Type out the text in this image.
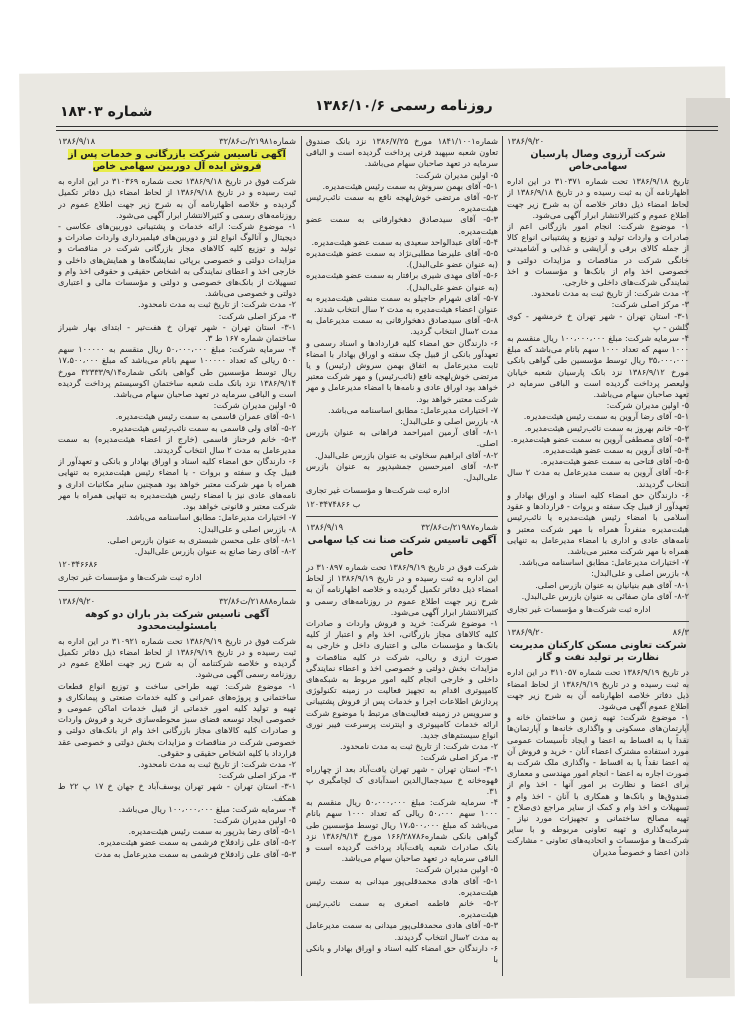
شماره ۱۸۳۰۳	روزنامه رسمی ۱۳۸۶/۱۰/۶
۱۳۸۶/۹/۲۰
شرکت آرزوی وصال پارسیان سهامی‌خاص

تاریخ ۱۳۸۶/۹/۱۸ تحت شماره ۳۱۰۳۷۱ در این اداره اظهارنامه آن به ثبت رسیده و در تاریخ ۱۳۸۶/۹/۱۸ از لحاظ امضاء ذیل دفاتر خلاصه آن به شرح زیر جهت اطلاع عموم و کثیرالانتشار ابرار آگهی می‌شود.

۱- موضوع شرکت: انجام امور بازرگانی اعم از صادرات و واردات تولید و توزیع و پشتیبانی انواع کالا از جمله کالای برقی و آرایشی و غذایی و آشامیدنی خانگی شرکت در مناقصات و مزایدات دولتی و خصوصی اخذ وام از بانک‌ها و مؤسسات و اخذ نمایندگی شرکت‌های داخلی و خارجی.

۲- مدت شرکت: از تاریخ ثبت به مدت نامحدود.

۳- مرکز اصلی شرکت:

۳-۱- استان تهران - شهر تهران خ خرمشهر - کوی گلشن - پ

۴- سرمایه شرکت: مبلغ ۱۰۰،۰۰۰،۰۰۰ ریال منقسم به ۱۰۰۰ سهم که تعداد ۱۰۰۰ سهم بانام می‌باشد که مبلغ ۳۵،۰۰۰،۰۰۰ ریال توسط مؤسسین طی گواهی بانکی مورخ ۱۳۸۶/۹/۱۲ نزد بانک پارسیان شعبه خیابان ولیعصر پرداخت گردیده است و الباقی سرمایه در تعهد صاحبان سهام می‌باشد.

۵- اولین مدیران شرکت:

۵-۱- آقای رضا آروین به سمت رئیس هیئت‌مدیره.

۵-۲- خانم بهروز به سمت نائب‌رئیس هیئت‌مدیره.

۵-۳- آقای مصطفی آروین به سمت عضو هیئت‌مدیره.

۵-۴- آقای آروین به سمت عضو هیئت‌مدیره.

۵-۵- آقای فتاحی به سمت عضو هیئت‌مدیره.

۵-۶- آقای آروین به سمت مدیرعامل به مدت ۲ سال انتخاب گردیدند.

۶- دارندگان حق امضاء کلیه اسناد و اوراق بهادار و تعهدآور از قبیل چک سفته و بروات - قراردادها و عقود اسلامی با امضاء رئیس هیئت‌مدیره یا نائب‌رئیس هیئت‌مدیره منفرداً همراه با مهر شرکت معتبر و نامه‌های عادی و اداری با امضاء مدیرعامل به تنهایی همراه با مهر شرکت معتبر می‌باشد.

۷- اختیارات مدیرعامل: مطابق اساسنامه می‌باشد.

۸- بازرس اصلی و علی‌البدل:

۸-۱- آقای هیم بنیانیان به عنوان بازرس اصلی.

۸-۲- آقای مان صفائی به عنوان بازرس علی‌البدل.

اداره ثبت شرکت‌ها و مؤسسات غیر تجاری
۸۶/۳
۱۳۸۶/۹/۲۰
شرکت تعاونی مسکن کارکنان مدیریت نظارت بر تولید نفت و گاز

در تاریخ ۱۳۸۶/۹/۱۹ تحت شماره ۳۱۱۰۵۷ در این اداره به ثبت رسیده و در تاریخ ۱۳۸۶/۹/۱۹ از لحاظ امضاء ذیل دفاتر خلاصه اظهارنامه آن به شرح زیر جهت اطلاع عموم آگهی می‌شود.

۱- موضوع شرکت: تهیه زمین و ساختمان خانه و آپارتمان‌های مسکونی و واگذاری خانه‌ها و آپارتمان‌ها نقداً یا به اقساط به اعضا و ایجاد تأسیسات عمومی مورد استفاده مشترک اعضاء آنان - خرید و فروش آن به اعضا نقداً یا به اقساط - واگذاری ملک شرکت به صورت اجاره به اعضا - انجام امور مهندسی و معماری برای اعضا و نظارت بر امور آنها - اخذ وام از صندوق‌ها و بانک‌ها و همکاری با آنان - اخذ وام و تسهیلات و اخذ وام و کمک از سایر مراجع ذی‌صلاح - تهیه مصالح ساختمانی و تجهیزات مورد نیاز - سرمایه‌گذاری و تهیه تعاونی مربوطه و با سایر شرکت‌ها و مؤسسات و اتحادیه‌های تعاونی - مشارکت دادن اعضا و خصوصاً مدیران

شماره۱۸۴۱/۱۰۰۱ مورخ ۱۳۸۶/۷/۲۵ نزد بانک صندوق تعاون شعبه سپهبد قرنی پرداخت گردیده است و الباقی سرمایه در تعهد صاحبان سهام می‌باشد.

۵- اولین مدیران شرکت:

۵-۱- آقای بهمن سروش به سمت رئیس هیئت‌مدیره.

۵-۲- آقای مرتضی خوش‌لهجه نافع به سمت نائب‌رئیس هیئت‌مدیره.

۵-۳- آقای سیدصادق دهخوارقانی به سمت عضو هیئت‌مدیره.

۵-۴- آقای عبدالواحد سعیدی به سمت عضو هیئت‌مدیره.

۵-۵- آقای علیرضا مطلبی‌نژاد به سمت عضو هیئت‌مدیره (به عنوان عضو علی‌البدل).

۵-۶- آقای مهدی شیری برافتار به سمت عضو هیئت‌مدیره (به عنوان عضو علی‌البدل).

۵-۷- آقای شهرام حاجیلو به سمت منشی هیئت‌مدیره به عنوان اعضاء هیئت‌مدیره به مدت ۲ سال انتخاب شدند.

۵-۸- آقای سیدصادق دهخوارقانی به سمت مدیرعامل به مدت ۲سال انتخاب گردید.

۶- دارندگان حق امضاء کلیه قراردادها و اسناد رسمی و تعهدآور بانکی از قبیل چک سفته و اوراق بهادار با امضاء ثابت مدیرعامل به اتفاق بهمن سروش (رئیس) و یا مرتضی خوش‌لهجه نافع (نائب‌رئیس) و مهر شرکت معتبر خواهد بود اوراق عادی و نامه‌ها با امضاء مدیرعامل و مهر شرکت معتبر خواهد بود.

۷- اختیارات مدیرعامل: مطابق اساسنامه می‌باشد.

۸- بازرس اصلی و علی‌البدل:

۸-۱- آقای آرمین امیراحمد فراهانی به عنوان بازرس اصلی.

۸-۲- آقای ابراهیم سخاوتی به عنوان بازرس علی‌البدل.

۸-۳- آقای امیرحسین جمشیدپور به عنوان بازرس علی‌البدل.

اداره ثبت شرکت‌ها و مؤسسات غیر تجاری
ب ۱۲۰۳۴۷۴۸۶۶
شماره۲۱۹۸۷/ت۳۲/۸۶
۱۳۸۶/۹/۱۹
آگهی تاسیس شرکت صنا نت کیا سهامی خاص

شرکت فوق در تاریخ ۱۳۸۶/۹/۱۹ تحت شماره ۳۱۰۸۹۷ در این اداره به ثبت رسیده و در تاریخ ۱۳۸۶/۹/۱۹ از لحاظ امضاء ذیل دفاتر تکمیل گردیده و خلاصه اظهارنامه آن به شرح زیر جهت اطلاع عموم در روزنامه‌های رسمی و کثیرالانتشار ابرار آگهی می‌شود.

۱- موضوع شرکت: خرید و فروش واردات و صادرات کلیه کالاهای مجاز بازرگانی، اخذ وام و اعتبار از کلیه بانک‌ها و مؤسسات مالی و اعتباری داخل و خارجی به صورت ارزی و ریالی، شرکت در کلیه مناقصات و مزایدات بخش دولتی و خصوصی اخذ و اعطاء نمایندگی داخلی و خارجی انجام کلیه امور مربوط به شبکه‌های کامپیوتری اقدام به تجهیز فعالیت در زمینه تکنولوژی پردازش اطلاعات اجرا و خدمات پس از فروش پشتیبانی و سرویس در زمینه فعالیت‌های مرتبط با موضوع شرکت ارائه خدمات کامپیوتری و اینترنت پرسرعت فیبر نوری انواع سیستم‌های جدید.

۲- مدت شرکت: از تاریخ ثبت به مدت نامحدود.

۳- مرکز اصلی شرکت:

۳-۱- استان تهران - شهر تهران یافت‌آباد بعد از چهارراه قهوه‌خانه خ سیدجمال‌الدین اسدآبادی ک لچامگیری پ ۳۱.

۴- سرمایه شرکت: مبلغ ۵۰،۰۰۰،۰۰۰ ریال منقسم به ۱۰۰۰ سهم ۵۰،۰۰۰ ریالی که تعداد ۱۰۰۰ سهم بانام می‌باشد که مبلغ ۱۷،۵۰۰،۰۰۰ ریال توسط مؤسسین طی گواهی بانکی شماره۱۶۶/۲۸۷۸۶ مورخ ۱۳۸۶/۹/۱۴ نزد بانک صادرات شعبه یافت‌آباد پرداخت گردیده است و الباقی سرمایه در تعهد صاحبان سهام می‌باشد.

۵- اولین مدیران شرکت:

۵-۱- آقای هادی محمدقلی‌پور میدانی به سمت رئیس هیئت‌مدیره.

۵-۲- خانم فاطمه اصغری به سمت نائب‌رئیس هیئت‌مدیره.

۵-۳- آقای هادی محمدقلی‌پور میدانی به سمت مدیرعامل به مدت ۲سال انتخاب گردیدند.

۶- دارندگان حق امضاء کلیه اسناد و اوراق بهادار و بانکی با

شماره۲۱۹۸۱/ت۳۲/۸۶
۱۳۸۶/۹/۱۸
آگهی تاسیس شرکت بازرگانی و خدمات پس از فروش ایده آل دوربین سهامی خاص

شرکت فوق در تاریخ ۱۳۸۶/۹/۱۸ تحت شماره ۳۱۰۳۶۹ در این اداره به ثبت رسیده و در تاریخ ۱۳۸۶/۹/۱۸ از لحاظ امضاء ذیل دفاتر تکمیل گردیده و خلاصه اظهارنامه آن به شرح زیر جهت اطلاع عموم در روزنامه‌های رسمی و کثیرالانتشار ابرار آگهی می‌شود.

۱- موضوع شرکت: ارائه خدمات و پشتیبانی دوربین‌های عکاسی - دیجیتال و آنالوگ انواع لنز و دوربین‌های فیلمبرداری واردات صادرات و تولید و توزیع کلیه کالاهای مجاز بازرگانی شرکت در مناقصات و مزایدات دولتی و خصوصی برپائی نمایشگاه‌ها و همایش‌های داخلی و خارجی اخذ و اعطای نمایندگی به اشخاص حقیقی و حقوقی اخذ وام و تسهیلات از بانک‌های خصوصی و دولتی و مؤسسات مالی و اعتباری دولتی و خصوصی می‌باشد.

۲- مدت شرکت: از تاریخ ثبت به مدت نامحدود.

۳- مرکز اصلی شرکت:

۳-۱- استان تهران - شهر تهران خ هفت‌تیر - ابتدای بهار شیراز ساختمان شماره ۱۶۷ ط ۳.

۴- سرمایه شرکت: مبلغ ۵۰،۰۰۰،۰۰۰ ریال منقسم به ۱۰۰۰۰۰ سهم ۵۰۰ ریالی که تعداد ۱۰۰۰۰۰ سهم بانام می‌باشد که مبلغ ۱۷،۵۰۰،۰۰۰ ریال توسط مؤسسین طی گواهی بانکی شماره۳۲۳۳۳/۹/۱۴ مورخ ۱۳۸۶/۹/۱۴ نزد بانک ملت شعبه ساختمان اکوسیستم پرداخت گردیده است و الباقی سرمایه در تعهد صاحبان سهام می‌باشد.

۵- اولین مدیران شرکت:

۵-۱- آقای عمران قاسمی به سمت رئیس هیئت‌مدیره.

۵-۲- آقای ولی قاسمی به سمت نائب‌رئیس هیئت‌مدیره.

۵-۳- خانم فرحناز قاسمی (خارج از اعضاء هیئت‌مدیره) به سمت مدیرعامل به مدت ۲ سال انتخاب گردیدند.

۶- دارندگان حق امضاء کلیه اسناد و اوراق بهادار و بانکی و تعهدآور از قبیل چک و سفته و بروات - با امضاء رئیس هیئت‌مدیره به تنهایی همراه با مهر شرکت معتبر خواهد بود همچنین سایر مکاتبات اداری و نامه‌های عادی نیز با امضاء رئیس هیئت‌مدیره به تنهایی همراه با مهر شرکت معتبر و قانونی خواهد بود.

۷- اختیارات مدیرعامل: مطابق اساسنامه می‌باشد.

۸- بازرس اصلی و علی‌البدل:

۸-۱- آقای علی محسن شبستری به عنوان بازرس اصلی.

۸-۲- آقای رضا صانع به عنوان بازرس علی‌البدل.

۱۲۰۳۴۶۶۸۶
اداره ثبت شرکت‌ها و مؤسسات غیر تجاری
شماره۲۱۸۸۸/ت۳۲/۸۶
۱۳۸۶/۹/۲۰
آگهی تاسیس شرکت بذر باران دو کوهه بامسئولیت‌محدود

شرکت فوق در تاریخ ۱۳۸۶/۹/۱۹ تحت شماره ۳۱۰۹۲۱ در این اداره به ثبت رسیده و در تاریخ ۱۳۸۶/۹/۱۹ از لحاظ امضاء ذیل دفاتر تکمیل گردیده و خلاصه شرکتنامه آن به شرح زیر جهت اطلاع عموم در روزنامه رسمی آگهی می‌شود.

۱- موضوع شرکت: تهیه طراحی ساخت و توزیع انواع قطعات ساختمانی و پروژه‌های عمرانی و کلیه خدمات صنعتی و پیمانکاری و تهیه و تولید کلیه امور خدماتی از قبیل خدمات اماکن عمومی و خصوصی ایجاد توسعه فضای سبز محوطه‌سازی خرید و فروش واردات و صادرات کلیه کالاهای مجاز بازرگانی اخذ وام از بانک‌های دولتی و خصوصی شرکت در مناقصات و مزایدات بخش دولتی و خصوصی عقد قرارداد با کلیه اشخاص حقیقی و حقوقی.

۲- مدت شرکت: از تاریخ ثبت به مدت نامحدود.

۳- مرکز اصلی شرکت:

۳-۱- استان تهران - شهر تهران یوسف‌آباد خ جهان خ ۱۷ پ ۲۲ ط همکف.

۴- سرمایه شرکت: مبلغ ۱۰۰،۰۰۰،۰۰۰ ریال می‌باشد.

۵- اولین مدیران شرکت:

۵-۱- آقای رضا بذرپور به سمت رئیس هیئت‌مدیره.

۵-۲- آقای علی زادفلاح فرشمی به سمت عضو هیئت‌مدیره.

۵-۳- آقای علی زادفلاح فرشمی به سمت مدیرعامل به مدت
